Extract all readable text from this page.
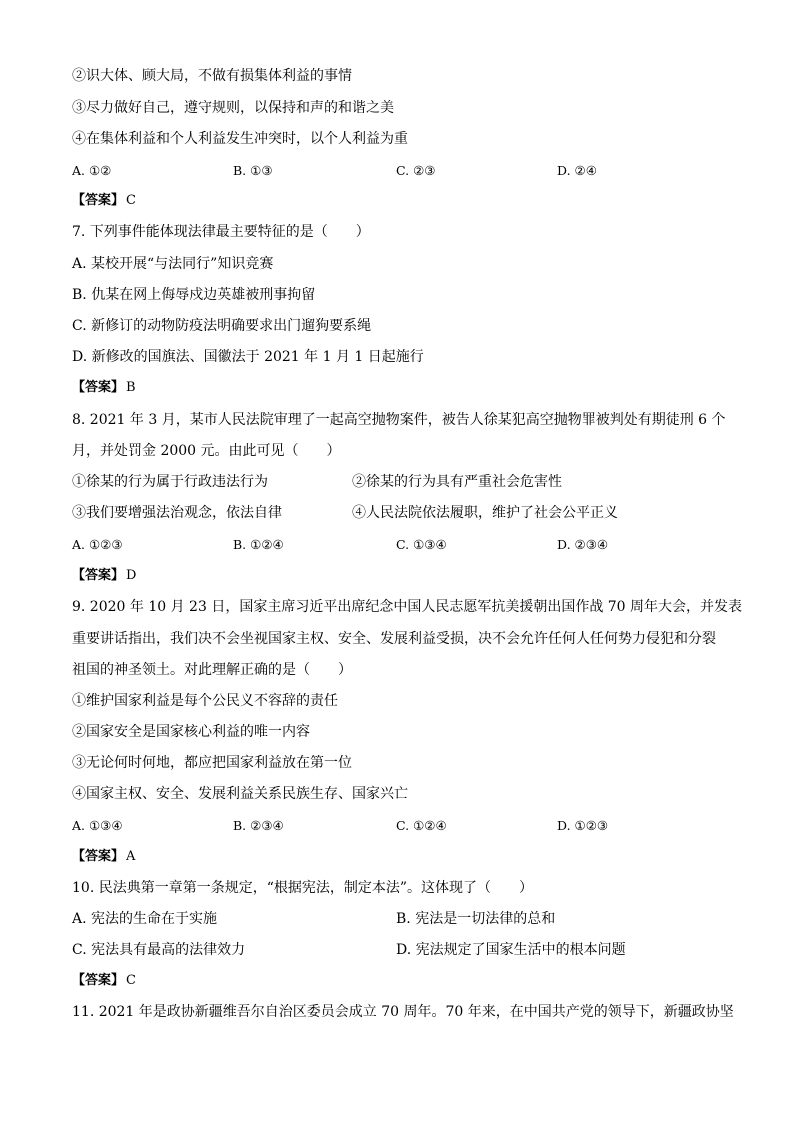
②识大体、顾大局，不做有损集体利益的事情
③尽力做好自己，遵守规则，以保持和声的和谐之美
④在集体利益和个人利益发生冲突时，以个人利益为重
A. ①②	B. ①③	C. ②③	D. ②④
【答案】 C
7. 下列事件能体现法律最主要特征的是（　　）
A. 某校开展“与法同行”知识竞赛
B. 仇某在网上侮辱戍边英雄被刑事拘留
C. 新修订的动物防疫法明确要求出门遛狗要系绳
D. 新修改的国旗法、国徽法于 2021 年 1 月 1 日起施行
【答案】 B
8. 2021 年 3 月，某市人民法院审理了一起高空抛物案件，被告人徐某犯高空抛物罪被判处有期徒刑 6 个
月，并处罚金 2000 元。由此可见（　　）
①徐某的行为属于行政违法行为	②徐某的行为具有严重社会危害性
③我们要增强法治观念，依法自律	④人民法院依法履职，维护了社会公平正义
A. ①②③	B. ①②④	C. ①③④	D. ②③④
【答案】 D
9. 2020 年 10 月 23 日，国家主席习近平出席纪念中国人民志愿军抗美援朝出国作战 70 周年大会，并发表
重要讲话指出，我们决不会坐视国家主权、安全、发展利益受损，决不会允许任何人任何势力侵犯和分裂
祖国的神圣领土。对此理解正确的是（　　）
①维护国家利益是每个公民义不容辞的责任
②国家安全是国家核心利益的唯一内容
③无论何时何地，都应把国家利益放在第一位
④国家主权、安全、发展利益关系民族生存、国家兴亡
A. ①③④	B. ②③④	C. ①②④	D. ①②③
【答案】 A
10. 民法典第一章第一条规定，“根据宪法，制定本法”。这体现了（　　）
A. 宪法的生命在于实施	B. 宪法是一切法律的总和
C. 宪法具有最高的法律效力	D. 宪法规定了国家生活中的根本问题
【答案】 C
11. 2021 年是政协新疆维吾尔自治区委员会成立 70 周年。70 年来，在中国共产党的领导下，新疆政协坚
